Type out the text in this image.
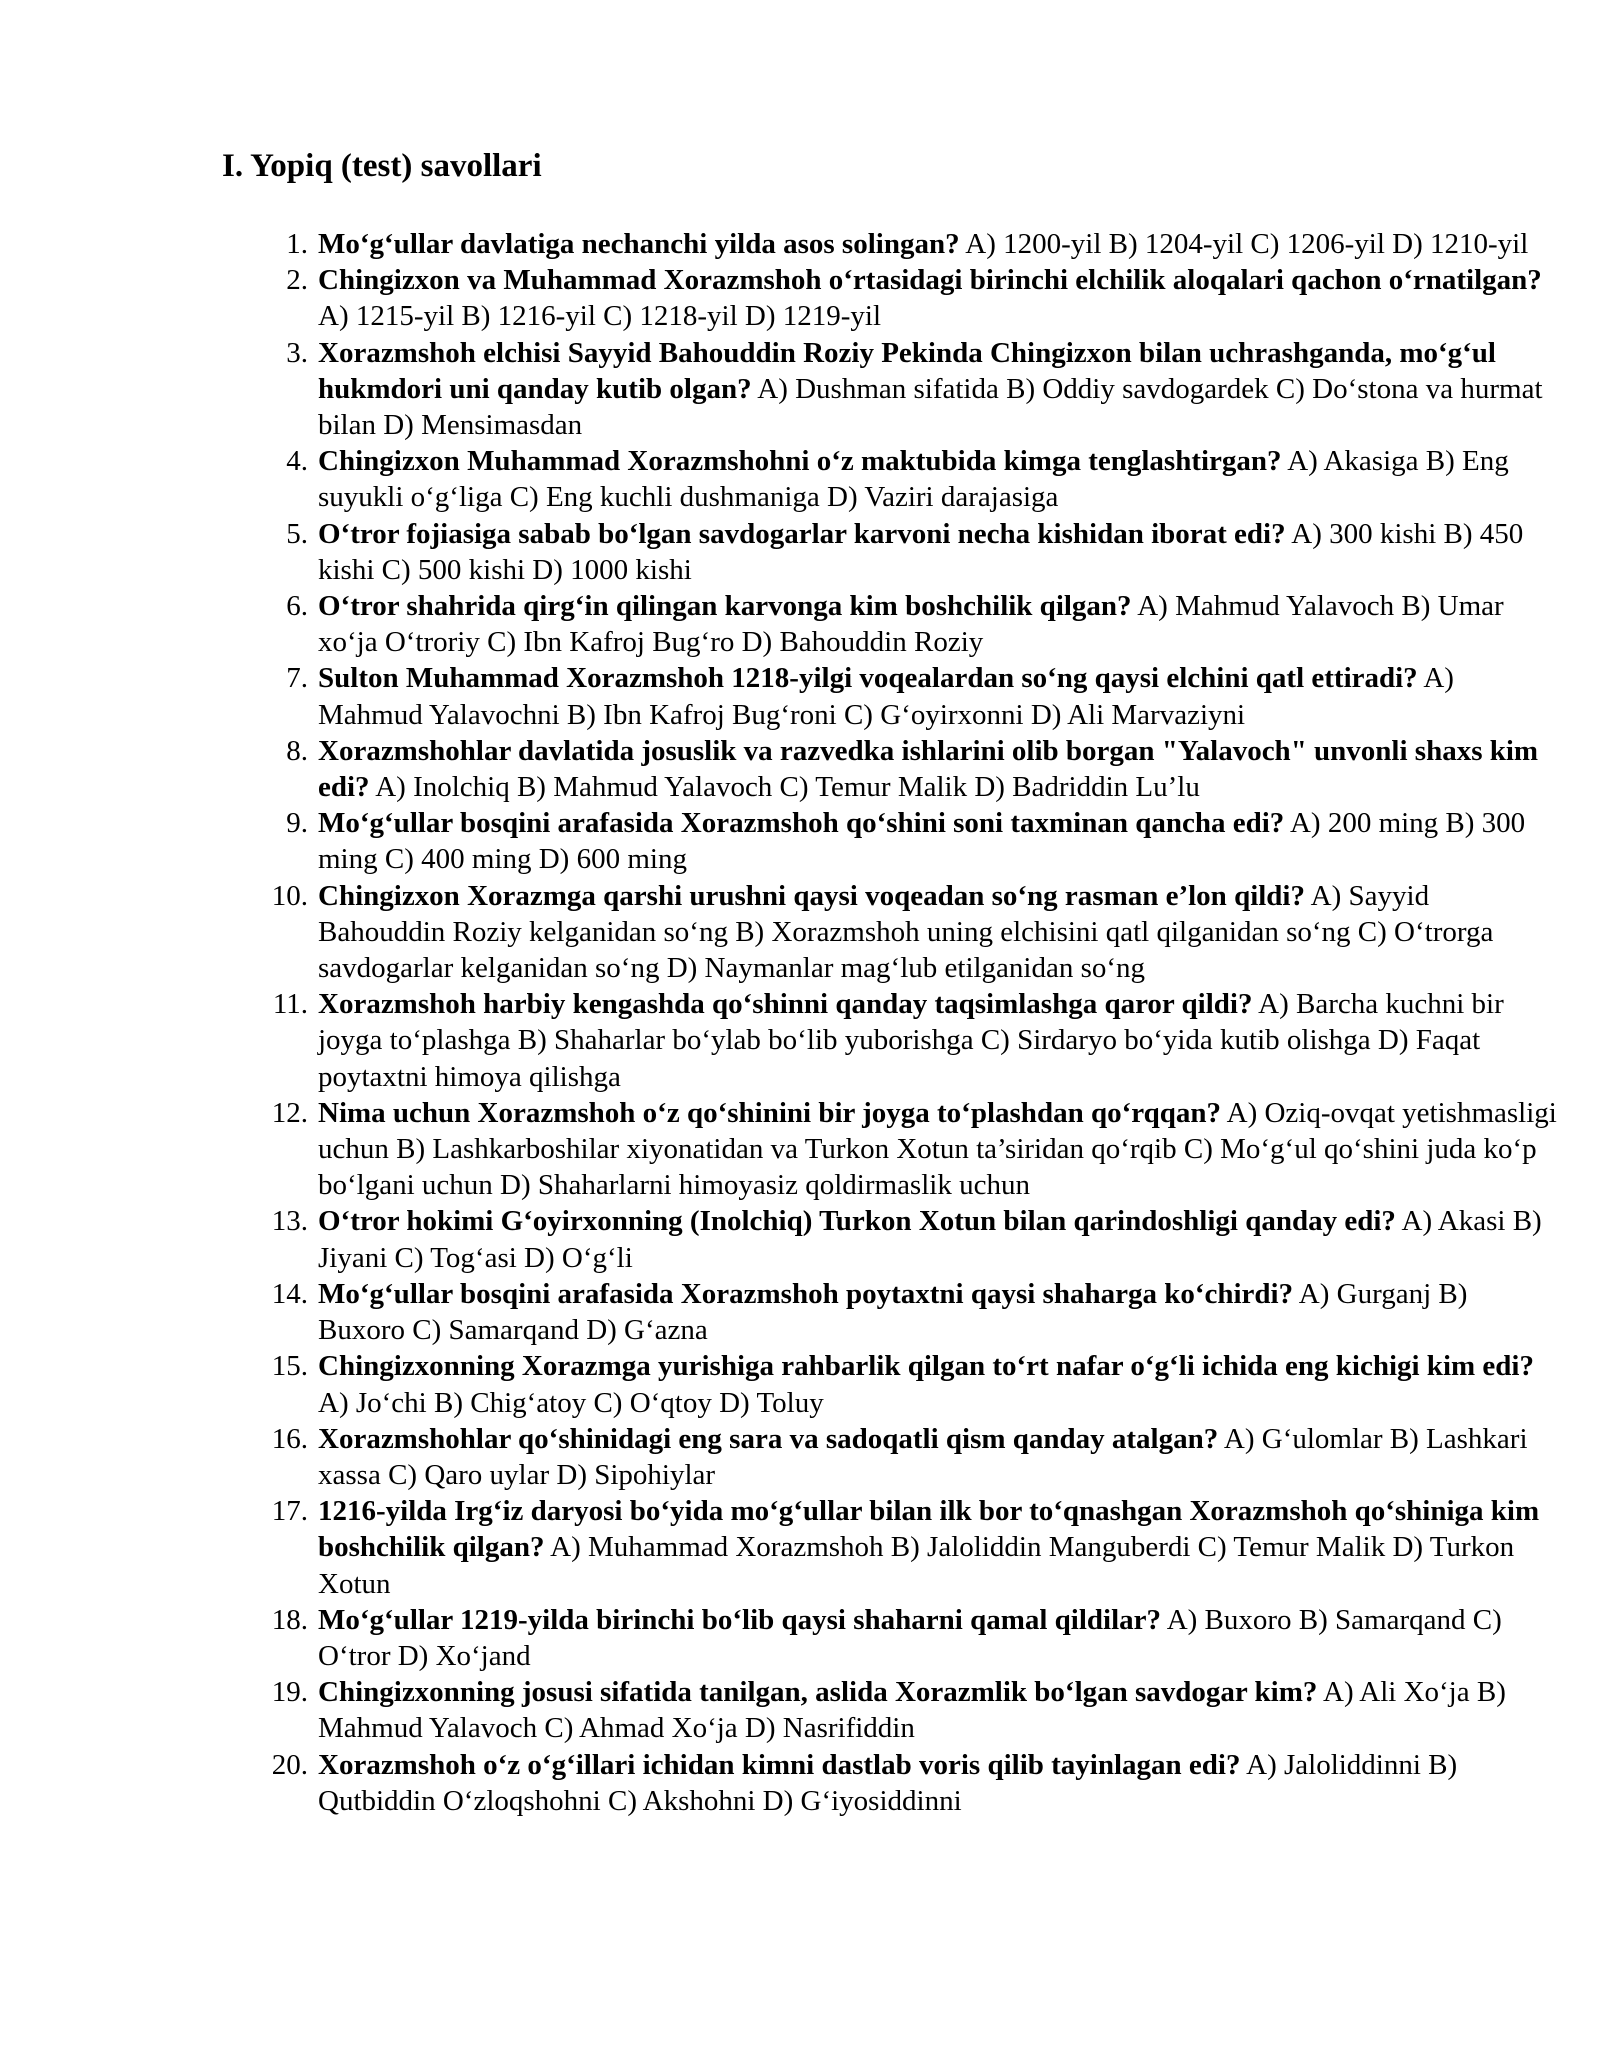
I. Yopiq (test) savollari
1. Mo‘g‘ullar davlatiga nechanchi yilda asos solingan? A) 1200-yil B) 1204-yil C) 1206-yil D) 1210-yil
2. Chingizxon va Muhammad Xorazmshoh o‘rtasidagi birinchi elchilik aloqalari qachon o‘rnatilgan? A) 1215-yil B) 1216-yil C) 1218-yil D) 1219-yil
3. Xorazmshoh elchisi Sayyid Bahouddin Roziy Pekinda Chingizxon bilan uchrashganda, mo‘g‘ul hukmdori uni qanday kutib olgan? A) Dushman sifatida B) Oddiy savdogardek C) Do‘stona va hurmat bilan D) Mensimasdan
4. Chingizxon Muhammad Xorazmshohni o‘z maktubida kimga tenglashtirgan? A) Akasiga B) Eng suyukli o‘g‘liga C) Eng kuchli dushmaniga D) Vaziri darajasiga
5. O‘tror fojiasiga sabab bo‘lgan savdogarlar karvoni necha kishidan iborat edi? A) 300 kishi B) 450 kishi C) 500 kishi D) 1000 kishi
6. O‘tror shahrida qirg‘in qilingan karvonga kim boshchilik qilgan? A) Mahmud Yalavoch B) Umar xo‘ja O‘troriy C) Ibn Kafroj Bug‘ro D) Bahouddin Roziy
7. Sulton Muhammad Xorazmshoh 1218-yilgi voqealardan so‘ng qaysi elchini qatl ettiradi? A) Mahmud Yalavochni B) Ibn Kafroj Bug‘roni C) G‘oyirxonni D) Ali Marvaziyni
8. Xorazmshohlar davlatida josuslik va razvedka ishlarini olib borgan "Yalavoch" unvonli shaxs kim edi? A) Inolchiq B) Mahmud Yalavoch C) Temur Malik D) Badriddin Lu’lu
9. Mo‘g‘ullar bosqini arafasida Xorazmshoh qo‘shini soni taxminan qancha edi? A) 200 ming B) 300 ming C) 400 ming D) 600 ming
10. Chingizxon Xorazmga qarshi urushni qaysi voqeadan so‘ng rasman e’lon qildi? A) Sayyid Bahouddin Roziy kelganidan so‘ng B) Xorazmshoh uning elchisini qatl qilganidan so‘ng C) O‘trorga savdogarlar kelganidan so‘ng D) Naymanlar mag‘lub etilganidan so‘ng
11. Xorazmshoh harbiy kengashda qo‘shinni qanday taqsimlashga qaror qildi? A) Barcha kuchni bir joyga to‘plashga B) Shaharlar bo‘ylab bo‘lib yuborishga C) Sirdaryo bo‘yida kutib olishga D) Faqat poytaxtni himoya qilishga
12. Nima uchun Xorazmshoh o‘z qo‘shinini bir joyga to‘plashdan qo‘rqqan? A) Oziq-ovqat yetishmasligi uchun B) Lashkarboshilar xiyonatidan va Turkon Xotun ta’siridan qo‘rqib C) Mo‘g‘ul qo‘shini juda ko‘p bo‘lgani uchun D) Shaharlarni himoyasiz qoldirmaslik uchun
13. O‘tror hokimi G‘oyirxonning (Inolchiq) Turkon Xotun bilan qarindoshligi qanday edi? A) Akasi B) Jiyani C) Tog‘asi D) O‘g‘li
14. Mo‘g‘ullar bosqini arafasida Xorazmshoh poytaxtni qaysi shaharga ko‘chirdi? A) Gurganj B) Buxoro C) Samarqand D) G‘azna
15. Chingizxonning Xorazmga yurishiga rahbarlik qilgan to‘rt nafar o‘g‘li ichida eng kichigi kim edi? A) Jo‘chi B) Chig‘atoy C) O‘qtoy D) Toluy
16. Xorazmshohlar qo‘shinidagi eng sara va sadoqatli qism qanday atalgan? A) G‘ulomlar B) Lashkari xassa C) Qaro uylar D) Sipohiylar
17. 1216-yilda Irg‘iz daryosi bo‘yida mo‘g‘ullar bilan ilk bor to‘qnashgan Xorazmshoh qo‘shiniga kim boshchilik qilgan? A) Muhammad Xorazmshoh B) Jaloliddin Manguberdi C) Temur Malik D) Turkon Xotun
18. Mo‘g‘ullar 1219-yilda birinchi bo‘lib qaysi shaharni qamal qildilar? A) Buxoro B) Samarqand C) O‘tror D) Xo‘jand
19. Chingizxonning josusi sifatida tanilgan, aslida Xorazmlik bo‘lgan savdogar kim? A) Ali Xo‘ja B) Mahmud Yalavoch C) Ahmad Xo‘ja D) Nasrifiddin
20. Xorazmshoh o‘z o‘g‘illari ichidan kimni dastlab voris qilib tayinlagan edi? A) Jaloliddinni B) Qutbiddin O‘zloqshohni C) Akshohni D) G‘iyosiddinni
